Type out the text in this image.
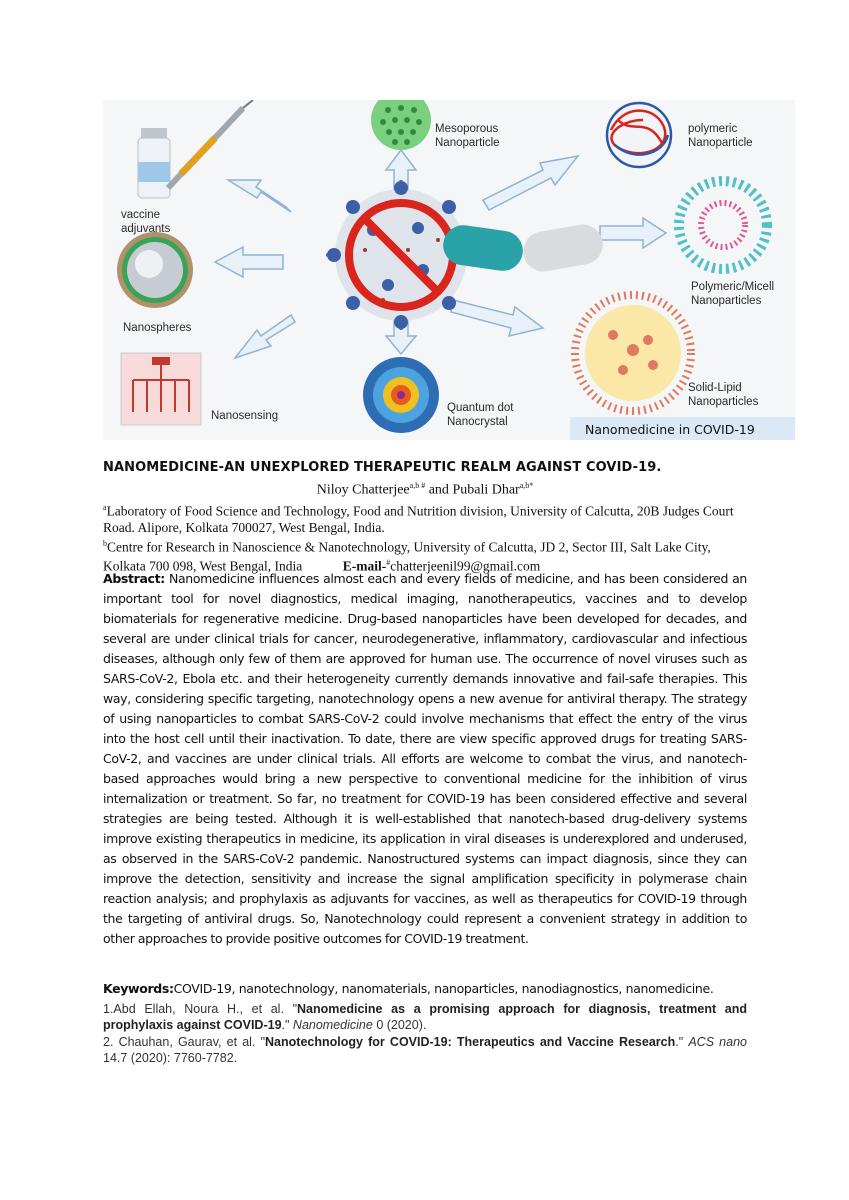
vaccine
adjuvants
Mesoporous
Nanoparticle
polymeric
Nanoparticle
Polymeric/Micell
Nanoparticles
Nanospheres
Nanosensing
Quantum dot
Nanocrystal
Solid-Lipid
Nanoparticles
Nanomedicine in COVID-19
NANOMEDICINE-AN UNEXPLORED THERAPEUTIC REALM AGAINST COVID-19.
Niloy Chatterjee$^{a,b \#}$ and Pubali Dhar$^{a,b*}$
$^a$Laboratory of Food Science and Technology, Food and Nutrition division, University of Calcutta, 20B Judges Court Road. Alipore, Kolkata 700027, West Bengal, India.
$^b$Centre for Research in Nanoscience & Nanotechnology, University of Calcutta, JD 2, Sector III, Salt Lake City, Kolkata 700 098, West Bengal, India	E-mail-#chatterjeenil99@gmail.com
Abstract: Nanomedicine influences almost each and every fields of medicine, and has been considered an important tool for novel diagnostics, medical imaging, nanotherapeutics, vaccines and to develop biomaterials for regenerative medicine. Drug-based nanoparticles have been developed for decades, and several are under clinical trials for cancer, neurodegenerative, inflammatory, cardiovascular and infectious diseases, although only few of them are approved for human use. The occurrence of novel viruses such as SARS-CoV-2, Ebola etc. and their heterogeneity currently demands innovative and fail-safe therapies. This way, considering specific targeting, nanotechnology opens a new avenue for antiviral therapy. The strategy of using nanoparticles to combat SARS-CoV-2 could involve mechanisms that effect the entry of the virus into the host cell until their inactivation. To date, there are view specific approved drugs for treating SARS-CoV-2, and vaccines are under clinical trials. All efforts are welcome to combat the virus, and nanotech-based approaches would bring a new perspective to conventional medicine for the inhibition of virus internalization or treatment. So far, no treatment for COVID-19 has been considered effective and several strategies are being tested. Although it is well-established that nanotech-based drug-delivery systems improve existing therapeutics in medicine, its application in viral diseases is underexplored and underused, as observed in the SARS-CoV-2 pandemic. Nanostructured systems can impact diagnosis, since they can improve the detection, sensitivity and increase the signal amplification specificity in polymerase chain reaction analysis; and prophylaxis as adjuvants for vaccines, as well as therapeutics for COVID-19 through the targeting of antiviral drugs. So, Nanotechnology could represent a convenient strategy in addition to other approaches to provide positive outcomes for COVID-19 treatment.
Keywords:COVID-19, nanotechnology, nanomaterials, nanoparticles, nanodiagnostics, nanomedicine.
1.Abd Ellah, Noura H., et al. "Nanomedicine as a promising approach for diagnosis, treatment and prophylaxis against COVID-19." Nanomedicine 0 (2020).
2. Chauhan, Gaurav, et al. "Nanotechnology for COVID-19: Therapeutics and Vaccine Research." ACS nano 14.7 (2020): 7760-7782.
